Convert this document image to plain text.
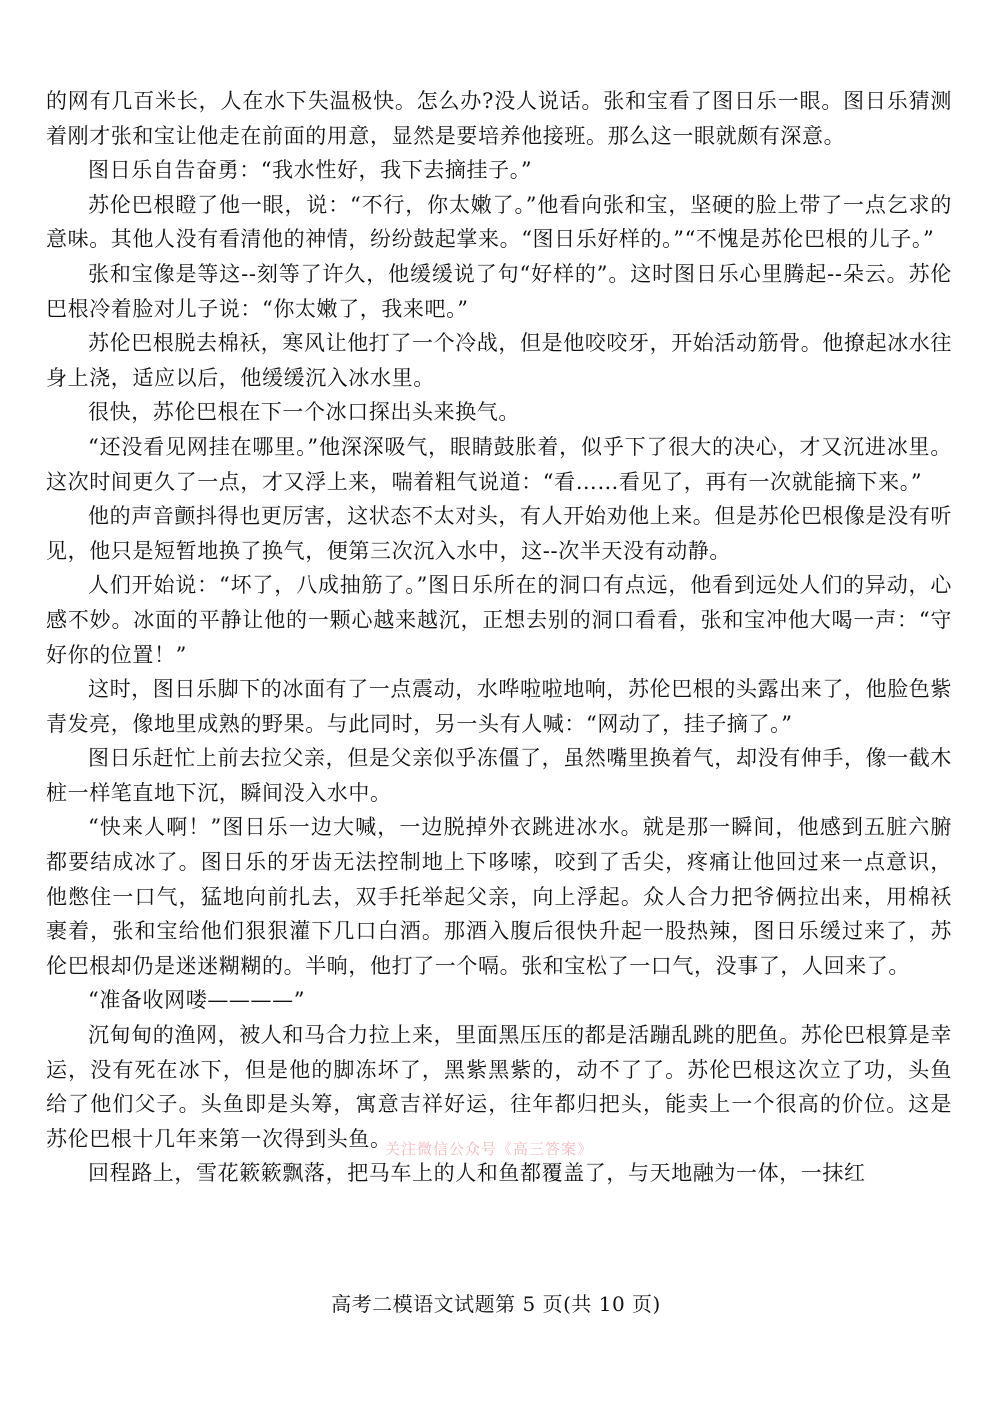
的网有几百米长，人在水下失温极快。怎么办?没人说话。张和宝看了图日乐一眼。图日乐猜测着刚才张和宝让他走在前面的用意，显然是要培养他接班。那么这一眼就颇有深意。

图日乐自告奋勇：“我水性好，我下去摘挂子。”

苏伦巴根瞪了他一眼，说：“不行，你太嫩了。”他看向张和宝，坚硬的脸上带了一点乞求的意味。其他人没有看清他的神情，纷纷鼓起掌来。“图日乐好样的。”“不愧是苏伦巴根的儿子。”

张和宝像是等这--刻等了许久，他缓缓说了句“好样的”。这时图日乐心里腾起--朵云。苏伦巴根冷着脸对儿子说：“你太嫩了，我来吧。”

苏伦巴根脱去棉袄，寒风让他打了一个冷战，但是他咬咬牙，开始活动筋骨。他撩起冰水往身上浇，适应以后，他缓缓沉入冰水里。

很快，苏伦巴根在下一个冰口探出头来换气。

“还没看见网挂在哪里。”他深深吸气，眼睛鼓胀着，似乎下了很大的决心，才又沉进冰里。这次时间更久了一点，才又浮上来，喘着粗气说道：“看……看见了，再有一次就能摘下来。”

他的声音颤抖得也更厉害，这状态不太对头，有人开始劝他上来。但是苏伦巴根像是没有听见，他只是短暂地换了换气，便第三次沉入水中，这--次半天没有动静。

人们开始说：“坏了，八成抽筋了。”图日乐所在的洞口有点远，他看到远处人们的异动，心感不妙。冰面的平静让他的一颗心越来越沉，正想去别的洞口看看，张和宝冲他大喝一声：“守好你的位置！”

这时，图日乐脚下的冰面有了一点震动，水哗啦啦地响，苏伦巴根的头露出来了，他脸色紫青发亮，像地里成熟的野果。与此同时，另一头有人喊：“网动了，挂子摘了。”

图日乐赶忙上前去拉父亲，但是父亲似乎冻僵了，虽然嘴里换着气，却没有伸手，像一截木桩一样笔直地下沉，瞬间没入水中。

“快来人啊！”图日乐一边大喊，一边脱掉外衣跳进冰水。就是那一瞬间，他感到五脏六腑都要结成冰了。图日乐的牙齿无法控制地上下哆嗦，咬到了舌尖，疼痛让他回过来一点意识，他憋住一口气，猛地向前扎去，双手托举起父亲，向上浮起。众人合力把爷俩拉出来，用棉袄裹着，张和宝给他们狠狠灌下几口白酒。那酒入腹后很快升起一股热辣，图日乐缓过来了，苏伦巴根却仍是迷迷糊糊的。半晌，他打了一个嗝。张和宝松了一口气，没事了，人回来了。

“准备收网喽————”

沉甸甸的渔网，被人和马合力拉上来，里面黑压压的都是活蹦乱跳的肥鱼。苏伦巴根算是幸运，没有死在冰下，但是他的脚冻坏了，黑紫黑紫的，动不了了。苏伦巴根这次立了功，头鱼给了他们父子。头鱼即是头筹，寓意吉祥好运，往年都归把头，能卖上一个很高的价位。这是苏伦巴根十几年来第一次得到头鱼。

回程路上，雪花簌簌飘落，把马车上的人和鱼都覆盖了，与天地融为一体，一抹红

关注微信公众号《高三答案》
高考二模语文试题第 5 页(共 10 页)
